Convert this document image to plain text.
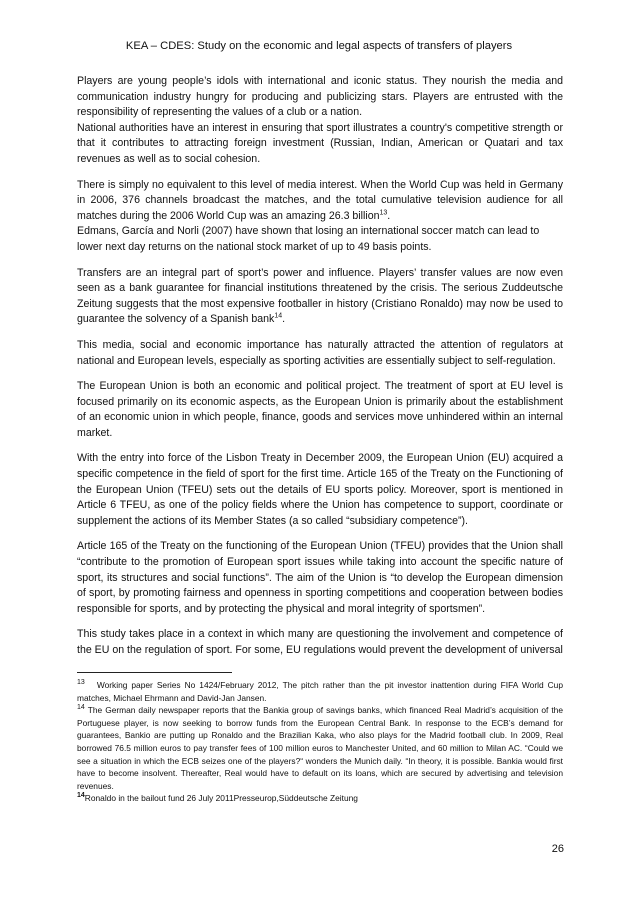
KEA – CDES: Study on the economic and legal aspects of transfers of players

Players are young people’s idols with international and iconic status. They nourish the media and communication industry hungry for producing and publicizing stars. Players are entrusted with the responsibility of representing the values of a club or a nation.

National authorities have an interest in ensuring that sport illustrates a country's competitive strength or that it contributes to attracting foreign investment (Russian, Indian, American or Quatari and tax revenues as well as to social cohesion.

There is simply no equivalent to this level of media interest. When the World Cup was held in Germany in 2006, 376 channels broadcast the matches, and the total cumulative television audience for all matches during the 2006 World Cup was an amazing 26.3 billion$^{13}$.

Edmans, García and Norli (2007) have shown that losing an international soccer match can lead to lower next day returns on the national stock market of up to 49 basis points.

Transfers are an integral part of sport’s power and influence. Players’ transfer values are now even seen as a bank guarantee for financial institutions threatened by the crisis. The serious Zuddeutsche Zeitung suggests that the most expensive footballer in history (Cristiano Ronaldo) may now be used to guarantee the solvency of a Spanish bank$^{14}$.

This media, social and economic importance has naturally attracted the attention of regulators at national and European levels, especially as sporting activities are essentially subject to self-regulation.

The European Union is both an economic and political project. The treatment of sport at EU level is focused primarily on its economic aspects, as the European Union is primarily about the establishment of an economic union in which people, finance, goods and services move unhindered within an internal market.

With the entry into force of the Lisbon Treaty in December 2009, the European Union (EU) acquired a specific competence in the field of sport for the first time. Article 165 of the Treaty on the Functioning of the European Union (TFEU) sets out the details of EU sports policy. Moreover, sport is mentioned in Article 6 TFEU, as one of the policy fields where the Union has competence to support, coordinate or supplement the actions of its Member States (a so called “subsidiary competence”).

Article 165 of the Treaty on the functioning of the European Union (TFEU) provides that the Union shall “contribute to the promotion of European sport issues while taking into account the specific nature of sport, its structures and social functions”. The aim of the Union is “to develop the European dimension of sport, by promoting fairness and openness in sporting competitions and cooperation between bodies responsible for sports, and by protecting the physical and moral integrity of sportsmen”.

This study takes place in a context in which many are questioning the involvement and competence of the EU on the regulation of sport. For some, EU regulations would prevent the development of universal

$^{13}$ Working paper Series No 1424/February 2012, The pitch rather than the pit investor inattention during FIFA World Cup matches, Michael Ehrmann and David-Jan Jansen.

$^{14}$ The German daily newspaper reports that the Bankia group of savings banks, which financed Real Madrid’s acquisition of the Portuguese player, is now seeking to borrow funds from the European Central Bank. In response to the ECB’s demand for guarantees, Bankio are putting up Ronaldo and the Brazilian Kaka, who also plays for the Madrid football club. In 2009, Real borrowed 76.5 million euros to pay transfer fees of 100 million euros to Manchester United, and 60 million to Milan AC. “Could we see a situation in which the ECB seizes one of the players?“ wonders the Munich daily. “In theory, it is possible. Bankia would first have to become insolvent. Thereafter, Real would have to default on its loans, which are secured by advertising and television revenues.

$^{14}$Ronaldo in the bailout fund 26 July 2011Presseurop,Süddeutsche Zeitung

26
